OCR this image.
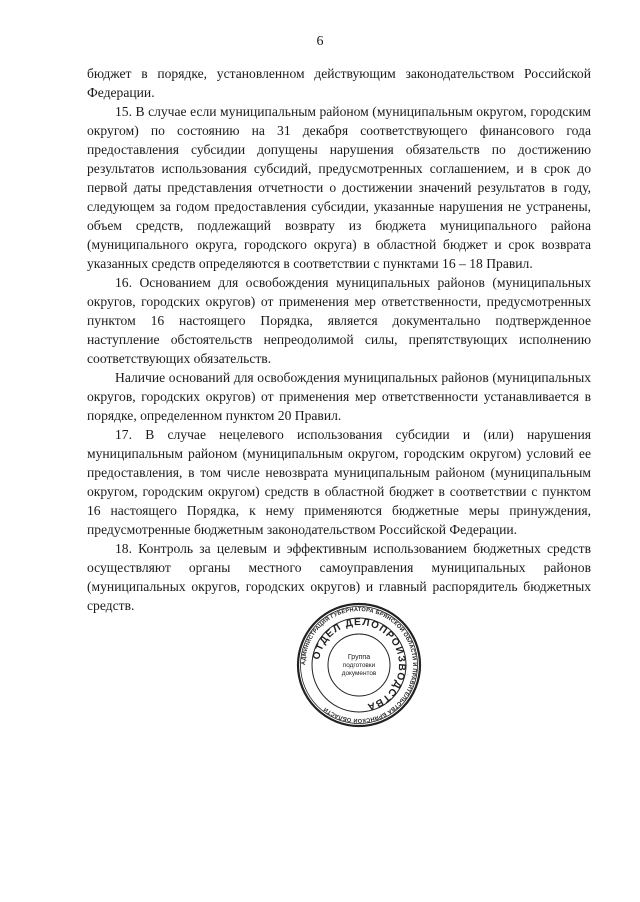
6

бюджет в порядке, установленном действующим законодательством Российской Федерации.

15. В случае если муниципальным районом (муниципальным округом, городским округом) по состоянию на 31 декабря соответствующего финансового года предоставления субсидии допущены нарушения обязательств по достижению результатов использования субсидий, предусмотренных соглашением, и в срок до первой даты представления отчетности о достижении значений результатов в году, следующем за годом предоставления субсидии, указанные нарушения не устранены, объем средств, подлежащий возврату из бюджета муниципального района (муниципального округа, городского округа) в областной бюджет и срок возврата указанных средств определяются в соответствии с пунктами 16 – 18 Правил.

16. Основанием для освобождения муниципальных районов (муниципальных округов, городских округов) от применения мер ответственности, предусмотренных пунктом 16 настоящего Порядка, является документально подтвержденное наступление обстоятельств непреодолимой силы, препятствующих исполнению соответствующих обязательств.

Наличие оснований для освобождения муниципальных районов (муниципальных округов, городских округов) от применения мер ответственности устанавливается в порядке, определенном пунктом 20 Правил.

17. В случае нецелевого использования субсидии и (или) нарушения муниципальным районом (муниципальным округом, городским округом) условий ее предоставления, в том числе невозврата муниципальным районом (муниципальным округом, городским округом) средств в областной бюджет в соответствии с пунктом 16 настоящего Порядка, к нему применяются бюджетные меры принуждения, предусмотренные бюджетным законодательством Российской Федерации.

18. Контроль за целевым и эффективным использованием бюджетных средств осуществляют органы местного самоуправления муниципальных районов (муниципальных округов, городских округов) и главный распорядитель бюджетных средств.

АДМИНИСТРАЦИЯ ГУБЕРНАТОРА БРЯНСКОЙ ОБЛАСТИ И ПРАВИТЕЛЬСТВА БРЯНСКОЙ ОБЛАСТИ
ОТДЕЛ ДЕЛОПРОИЗВОДСТВА
Группа
подготовки
документов
